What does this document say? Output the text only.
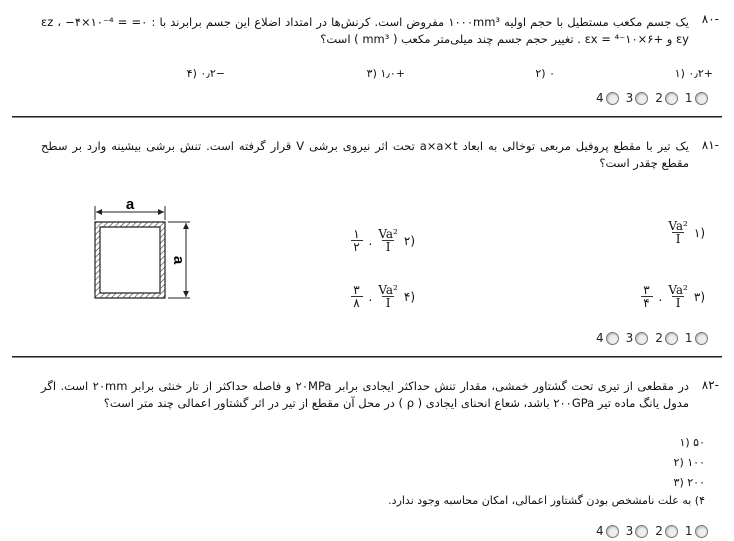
-۸۰
یک جسم مکعب مستطیل با حجم اولیه ۱۰۰۰mm³ مفروض است. کرنش‌ها در امتداد اضلاع این جسم برابرند با : ۰= εz ، −۴×۱۰⁻⁴ = εy و +۶×۱۰⁻⁴ = εx . تغییر حجم جسم چند میلی‌متر مکعب ( mm³ ) است؟
+۰٫۲ (۱
۰ (۲
+۱٫۰ (۳
−۰٫۲ (۴
4 3 2 1
-۸۱
یک تیر با مقطع پروفیل مربعی توخالی به ابعاد a×a×t تحت اثر نیروی برشی V قرار گرفته است. تنش برشی بیشینه وارد بر سطح مقطع چقدر است؟
(۱
$\frac{\text{Va²}}{I}$
(۲
$\frac{\text{Va²}}{I}$
.
$\frac{۱}{۲}$
(۳
$\frac{\text{Va²}}{I}$
.
$\frac{۳}{۴}$
(۴
$\frac{\text{Va²}}{I}$
.
$\frac{۳}{۸}$
a
a
4 3 2 1
-۸۲
در مقطعی از تیری تحت گشتاور خمشی، مقدار تنش حداکثر ایجادی برابر ۲۰MPa و فاصله حداکثر از تار خنثی برابر ۲۰mm است. اگر مدول یانگ ماده تیر ۲۰۰GPa باشد، شعاع انحنای ایجادی ( ρ ) در محل آن مقطع از تیر در اثر گشتاور اعمالی چند متر است؟
۵۰ (۱
۱۰۰ (۲
۲۰۰ (۳
۴) به علت نامشخص بودن گشتاور اعمالی، امکان محاسبه وجود ندارد.
4 3 2 1
